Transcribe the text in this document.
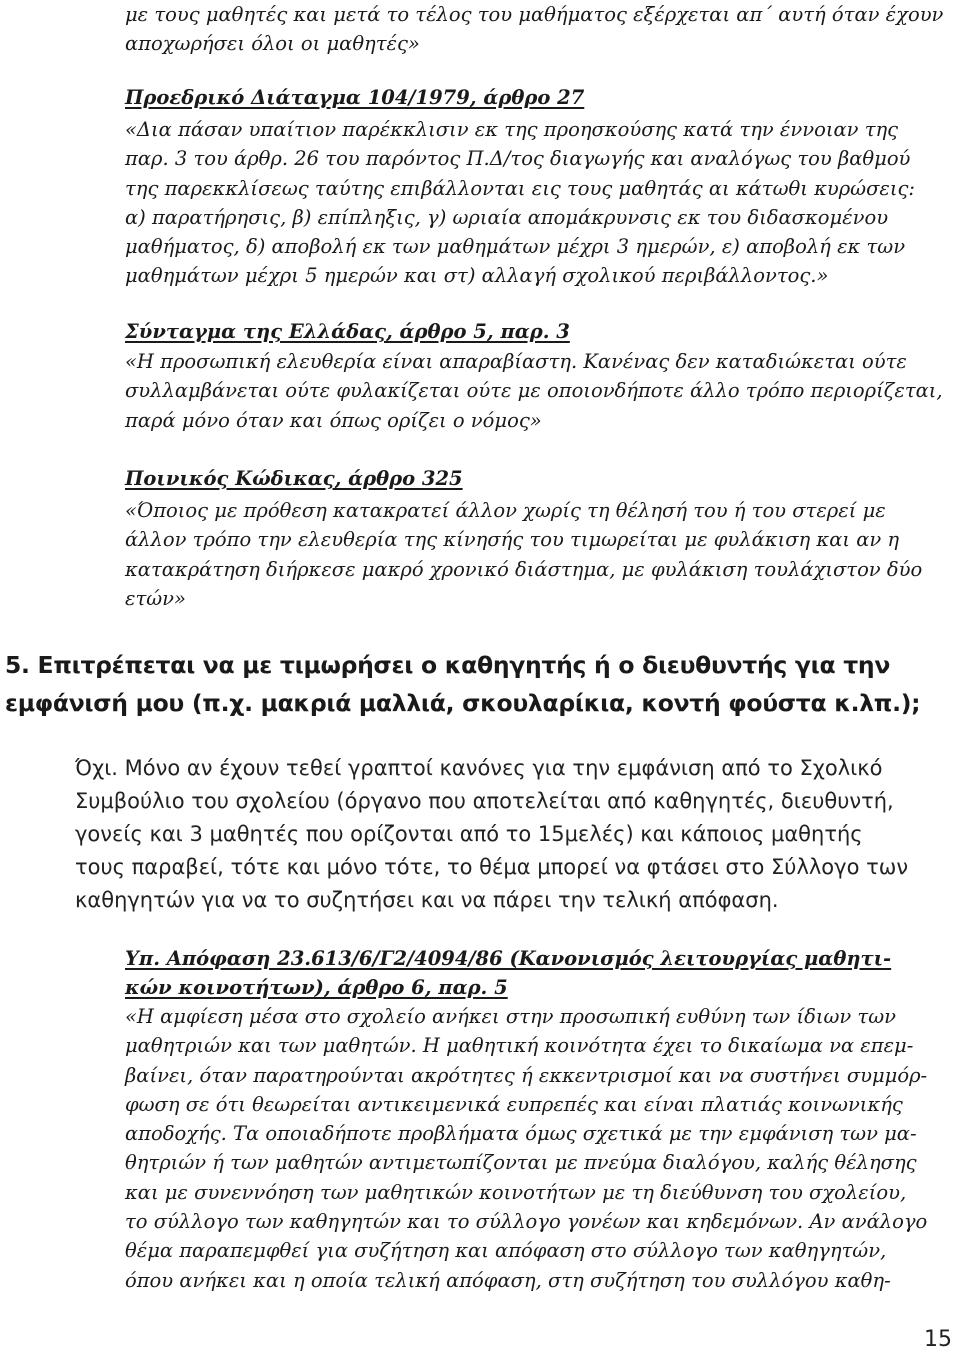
με τους μαθητές και μετά το τέλος του μαθήματος εξέρχεται απ΄ αυτή όταν έχουν
αποχωρήσει όλοι οι μαθητές»
Προεδρικό Διάταγμα 104/1979, άρθρο 27
«Δια πάσαν υπαίτιον παρέκκλισιν εκ της προησκούσης κατά την έννοιαν της
παρ. 3 του άρθρ. 26 του παρόντος Π.Δ/τος διαγωγής και αναλόγως του βαθμού
της παρεκκλίσεως ταύτης επιβάλλονται εις τους μαθητάς αι κάτωθι κυρώσεις:
α) παρατήρησις, β) επίπληξις, γ) ωριαία απομάκρυνσις εκ του διδασκομένου
μαθήματος, δ) αποβολή εκ των μαθημάτων μέχρι 3 ημερών, ε) αποβολή εκ των
μαθημάτων μέχρι 5 ημερών και στ) αλλαγή σχολικού περιβάλλοντος.»
Σύνταγμα της Ελλάδας, άρθρο 5, παρ. 3
«Η προσωπική ελευθερία είναι απαραβίαστη. Κανένας δεν καταδιώκεται ούτε
συλλαμβάνεται ούτε φυλακίζεται ούτε με οποιονδήποτε άλλο τρόπο περιορίζεται,
παρά μόνο όταν και όπως ορίζει ο νόμος»
Ποινικός Κώδικας, άρθρο 325
«Όποιος με πρόθεση κατακρατεί άλλον χωρίς τη θέλησή του ή του στερεί με
άλλον τρόπο την ελευθερία της κίνησής του τιμωρείται με φυλάκιση και αν η
κατακράτηση διήρκεσε μακρό χρονικό διάστημα, με φυλάκιση τουλάχιστον δύο
ετών»
5. Επιτρέπεται να με τιμωρήσει ο καθηγητής ή ο διευθυντής για την
εμφάνισή μου (π.χ. μακριά μαλλιά, σκουλαρίκια, κοντή φούστα κ.λπ.);
Όχι. Μόνο αν έχουν τεθεί γραπτοί κανόνες για την εμφάνιση από το Σχολικό
Συμβούλιο του σχολείου (όργανο που αποτελείται από καθηγητές, διευθυντή,
γονείς και 3 μαθητές που ορίζονται από το 15μελές) και κάποιος μαθητής
τους παραβεί, τότε και μόνο τότε, το θέμα μπορεί να φτάσει στο Σύλλογο των
καθηγητών για να το συζητήσει και να πάρει την τελική απόφαση.
Υπ. Απόφαση 23.613/6/Γ2/4094/86 (Κανονισμός λειτουργίας μαθητι-
κών κοινοτήτων), άρθρο 6, παρ. 5
«Η αμφίεση μέσα στο σχολείο ανήκει στην προσωπική ευθύνη των ίδιων των
μαθητριών και των μαθητών. Η μαθητική κοινότητα έχει το δικαίωμα να επεμ-
βαίνει, όταν παρατηρούνται ακρότητες ή εκκεντρισμοί και να συστήνει συμμόρ-
φωση σε ότι θεωρείται αντικειμενικά ευπρεπές και είναι πλατιάς κοινωνικής
αποδοχής. Τα οποιαδήποτε προβλήματα όμως σχετικά με την εμφάνιση των μα-
θητριών ή των μαθητών αντιμετωπίζονται με πνεύμα διαλόγου, καλής θέλησης
και με συνεννόηση των μαθητικών κοινοτήτων με τη διεύθυνση του σχολείου,
το σύλλογο των καθηγητών και το σύλλογο γονέων και κηδεμόνων. Αν ανάλογο
θέμα παραπεμφθεί για συζήτηση και απόφαση στο σύλλογο των καθηγητών,
όπου ανήκει και η οποία τελική απόφαση, στη συζήτηση του συλλόγου καθη-
15
